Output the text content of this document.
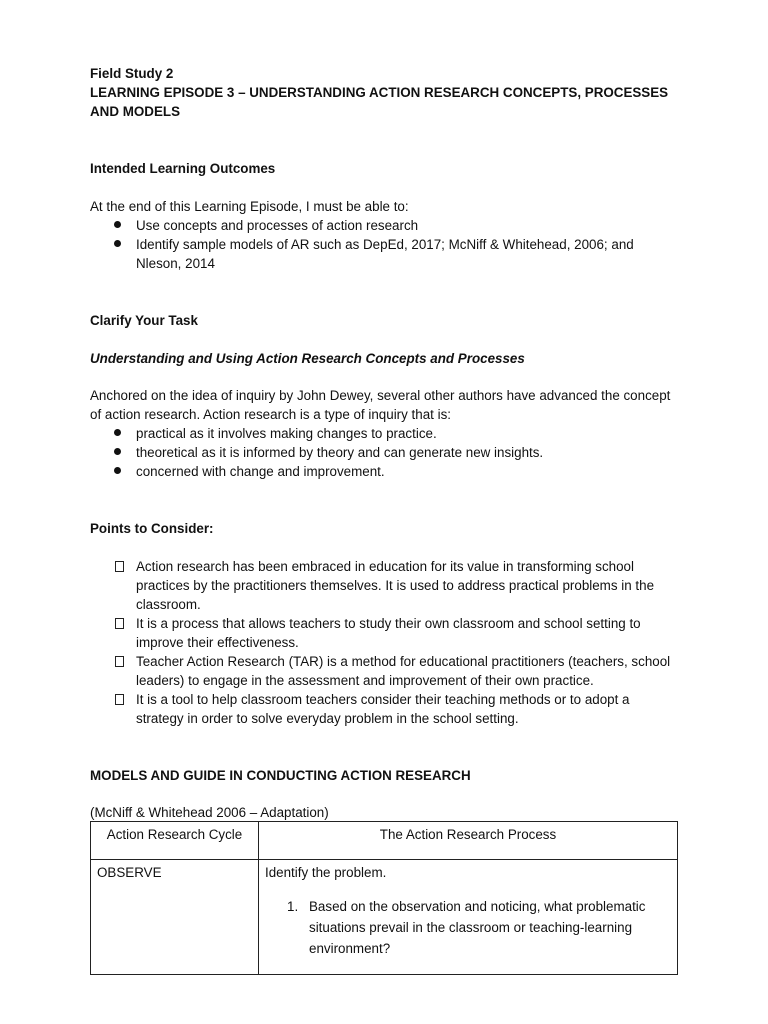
Field Study 2
LEARNING EPISODE 3 – UNDERSTANDING ACTION RESEARCH CONCEPTS, PROCESSES AND MODELS
Intended Learning Outcomes
At the end of this Learning Episode, I must be able to:
Use concepts and processes of action research
Identify sample models of AR such as DepEd, 2017; McNiff & Whitehead, 2006; and Nleson, 2014
Clarify Your Task
Understanding and Using Action Research Concepts and Processes
Anchored on the idea of inquiry by John Dewey, several other authors have advanced the concept of action research. Action research is a type of inquiry that is:
practical as it involves making changes to practice.
theoretical as it is informed by theory and can generate new insights.
concerned with change and improvement.
Points to Consider:
Action research has been embraced in education for its value in transforming school practices by the practitioners themselves. It is used to address practical problems in the classroom.
It is a process that allows teachers to study their own classroom and school setting to improve their effectiveness.
Teacher Action Research (TAR) is a method for educational practitioners (teachers, school leaders) to engage in the assessment and improvement of their own practice.
It is a tool to help classroom teachers consider their teaching methods or to adopt a strategy in order to solve everyday problem in the school setting.
MODELS AND GUIDE IN CONDUCTING ACTION RESEARCH
(McNiff & Whitehead 2006 – Adaptation)
Action Research Cycle	The Action Research Process
OBSERVE	Identify the problem.
1. Based on the observation and noticing, what problematic situations prevail in the classroom or teaching-learning environment?
